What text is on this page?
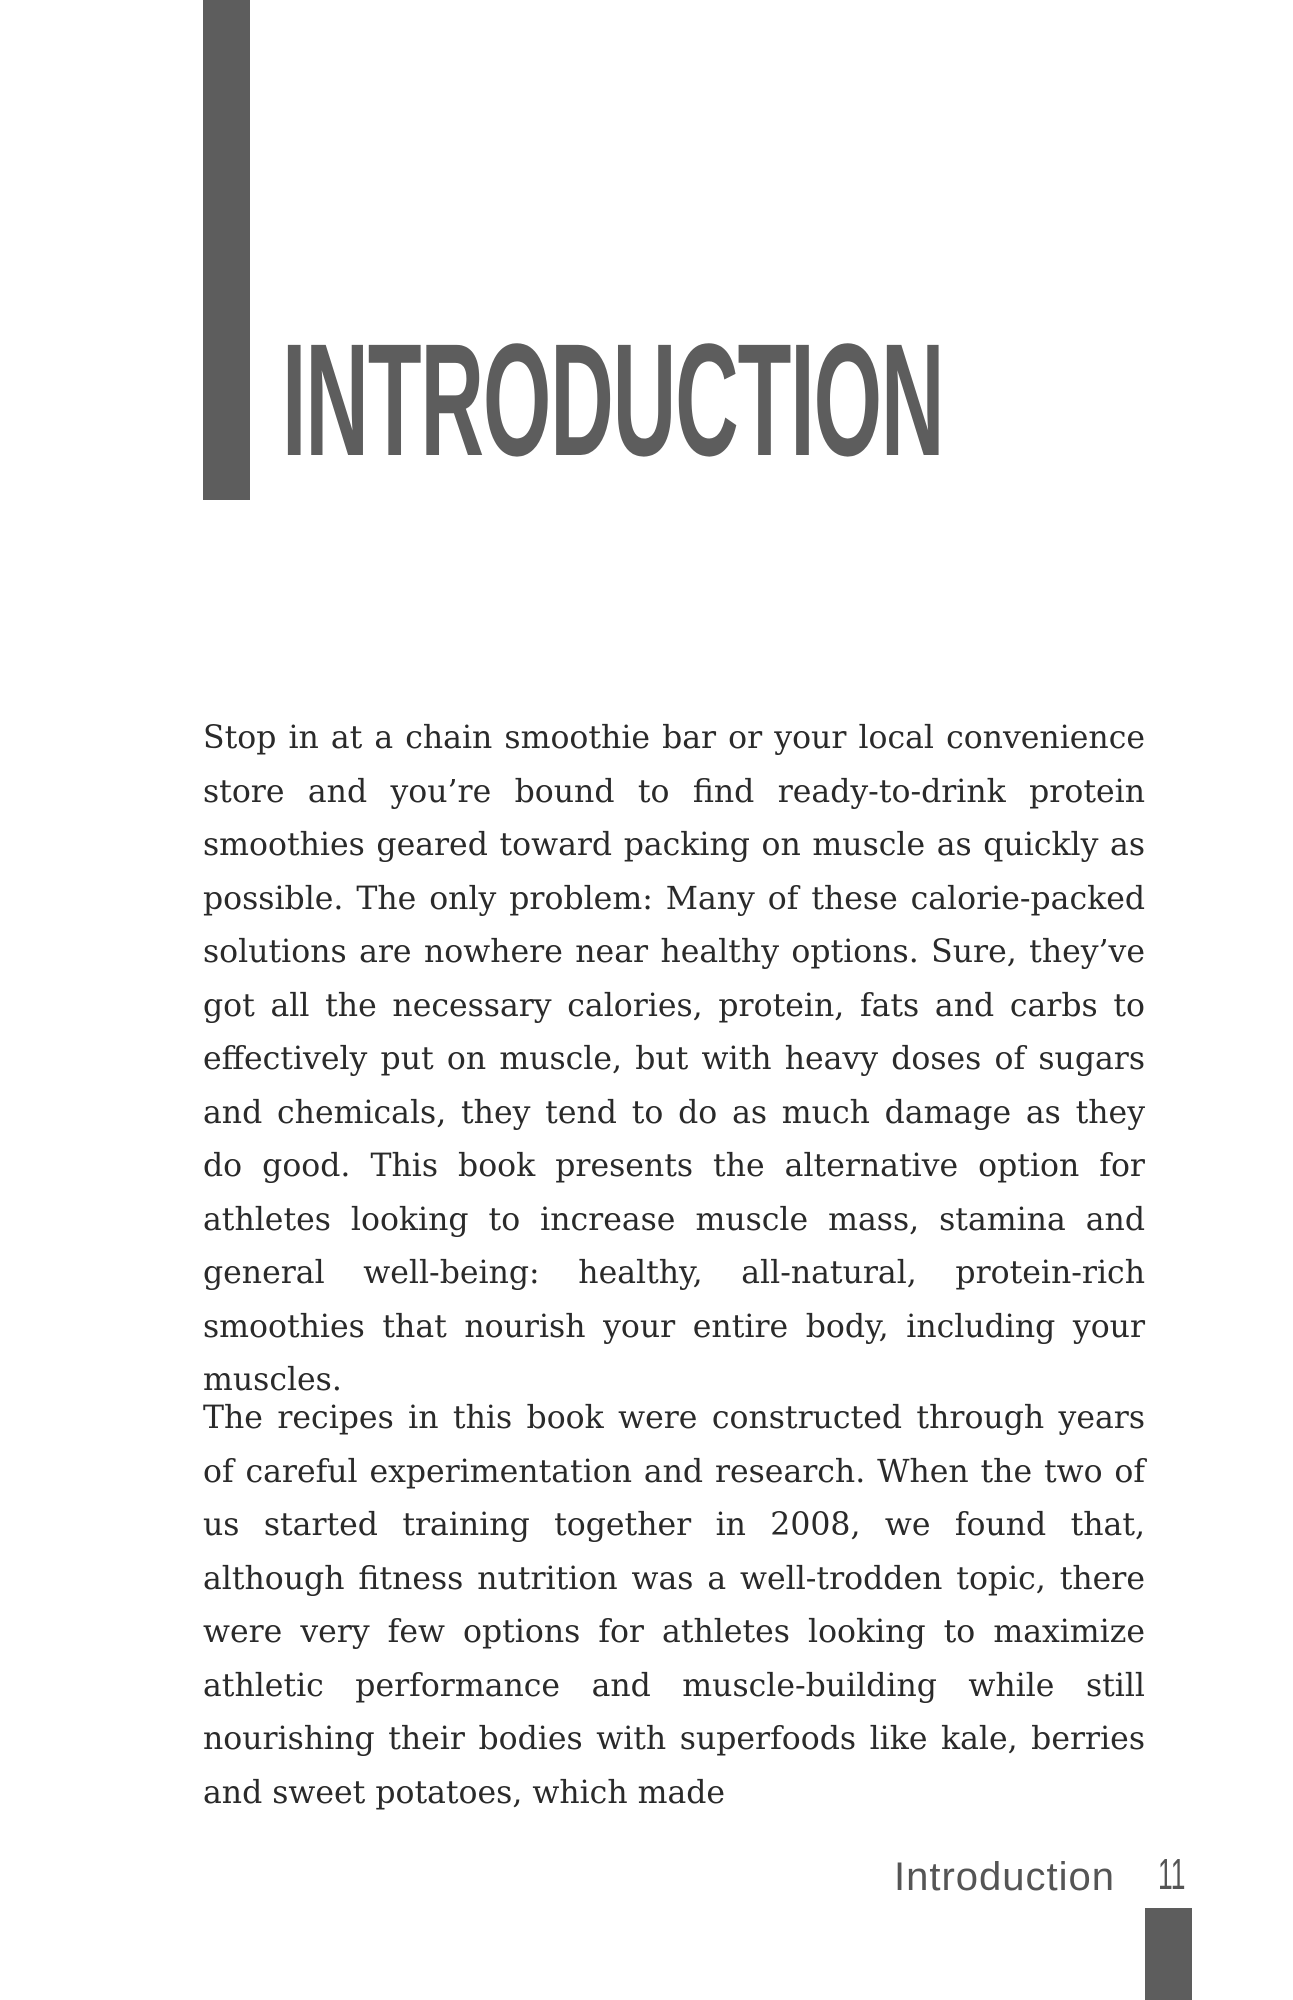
INTRODUCTION

Stop in at a chain smoothie bar or your local convenience store and you’re bound to find ready-to-drink protein smoothies geared toward packing on muscle as quickly as possible. The only problem: Many of these calorie-packed solutions are nowhere near healthy options. Sure, they’ve got all the necessary calories, protein, fats and carbs to effectively put on muscle, but with heavy doses of sugars and chemicals, they tend to do as much damage as they do good. This book presents the alternative option for athletes looking to increase muscle mass, stamina and general well-being: healthy, all-natural, protein-rich smoothies that nourish your entire body, including your muscles.

The recipes in this book were constructed through years of careful experimentation and research. When the two of us started training together in 2008, we found that, although fitness nutrition was a well-trodden topic, there were very few options for athletes looking to maximize athletic performance and muscle-building while still nourishing their bodies with superfoods like kale, berries and sweet potatoes, which made

Introduction 11
